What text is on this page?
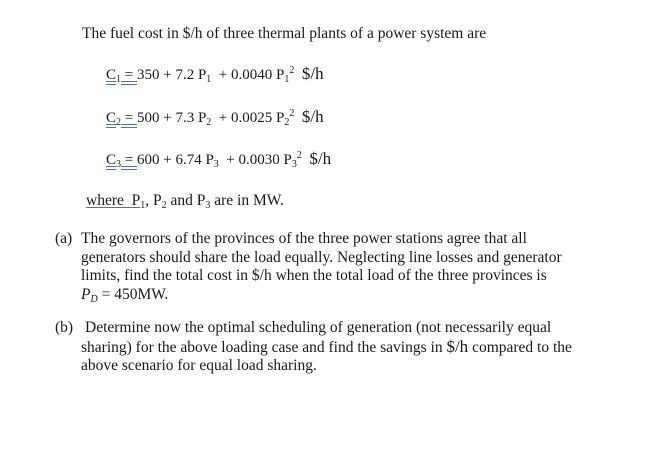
The fuel cost in $/h of three thermal plants of a power system are
$C_1 = 350 + 7.2$ $P_1 + 0.0040$ $P_1^2$ $/h
$C_2 = 500 + 7.3$ $P_2 + 0.0025$ $P_2^2$ $/h
$C_3 = 600 + 6.74$ $P_3 + 0.0030$ $P_3^2$ $/h
where P1, P2 and P3 are in MW.
(a) The governors of the provinces of the three power stations agree that all
generators should share the load equally. Neglecting line losses and generator
limits, find the total cost in $/h when the total load of the three provinces is
PD = 450MW.
(b) Determine now the optimal scheduling of generation (not necessarily equal
sharing) for the above loading case and find the savings in $/h compared to the
above scenario for equal load sharing.
